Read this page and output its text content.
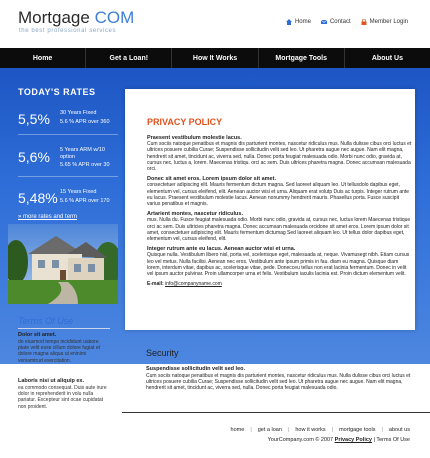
Mortgage COM
the best professional services
Home	Contact	Member Login
Home	Get a Loan!	How It Works	Mortgage Tools	About Us
TODAY'S RATES
5,5% 30 Years Fixed
5.6 % APR over 360
5,6% 5 Years ARM w/10
option
5.65 % APR over 30
5,48% 15 Years Fixed
5.6 % APR over 170
» more rates and term
PRIVACY POLICY

Praesent vestibulum molestie lacus.

Cum sociis natoque penatibus et magnis dis parturient montes, nascetur ridiculus mus. Nulla dulisse cibus orci luctus et ultrices posuere cubilia Curae; Suspendisse sollicitudin velit sed leo. Ut pharetra augue nec augue. Nam elit magna, hendrerit sit amet, tincidunt ac, viverra sed, nulla. Donec porta feugiat malesuada odio. Morbi nunc odio, gravida at, cursus nec, luctus a, lorem. Maecenas tristiqu. orci ac sem. Duis ultrices pharetra magna. Donec accumsan malesuada orci.

Donec sit amet eros. Lorem ipsum dolor sit amet.

consectetuer adipiscing elit. Mauris fermentum dictum magna. Sed laoreet aliquam leo. Ut tellusdolo dapibus eget, elementum vel, cursus eleifend, elit. Aenean auctor wisi et urna. Aliquam erat volutp Duis ac turpis. Integer rutrum ante eu lacus. Praesent vestibulum molestie lacus. Aenean nonummy hendrerit mauris. Phasellus porta. Fusce suscipit varius penatibus et magnis.

Artarient montes, nascetur ridiculus.

mus. Nulla du. Fusce feugiat malesuada odio. Morbi nunc odio, gravida at, cursus nec, luctus lorem Maecenas tristique orci ac sem. Duis ultricies pharetra magna. Donec accumsan malesuada orcidone sit amet eros. Lorem ipsum dolor sit amet, consectetuer adipiscing elit. Mauris fermentum dictumag Sed laoreet aliquam leo. Ut tellus dolor dapibus eget, elementum vel, cursus eleifend, elit.

Integer rutrum ante eu lacus. Aenean auctor wisi et urna.

Quisque nulla. Vestibulum libero nisl, porta vel, scelerisque eget, malesuada at, neque. Vivamusegt nibh. Etiam cursus leo vel metus. Nulla facilisi. Aenean nec eros. Vestibulum ante ipsum primis in fau. diam eu magna. Quisque diam lorem, interdum vitae, dapibus ac, scelerisque vitae, pede. Donecceu tellus non erat lacinia fermentum. Donec in velit vel ipsum auctor pulvinar. Proin ullamcorper urna et felis. Vestibulum iaculis lacinia est. Proin dictum elementum velit.

E-mail: info@companyname.com

Terms Of Use
Dolor sit amet.
do eiusmod tempo incididunt uabore ptate velit esse cillum dolore fugiat et dolore magna aliqua ut eninimi veniamtrud exercitation.
Laboris nisi ut aliquip ex.
ea commodo consequat. Duis aute irure dolor in reprehenderit in volu nulla pariatur. Excepteur sint ocae cupidatat non proident.
Security
Suspendisse sollicitudin velit sed leo.
Cum sociis natoque penatibus et magnis dis parturient montes, nascetur ridiculus mus. Nulla dulisse cibus orci luctus et ultrices posuere cubilia Curae; Suspendisse sollicitudin velit sed leo. Ut pharetra augue nec augue. Nam elit magna, hendrerit sit amet, tincidunt ac, viverra sed, nulla. Donec porta feugiat malesuada odio.
home | get a loan | how it works | mortgage tools | about us
YourCompany.com © 2007 Privacy Policy | Terms Of Use
